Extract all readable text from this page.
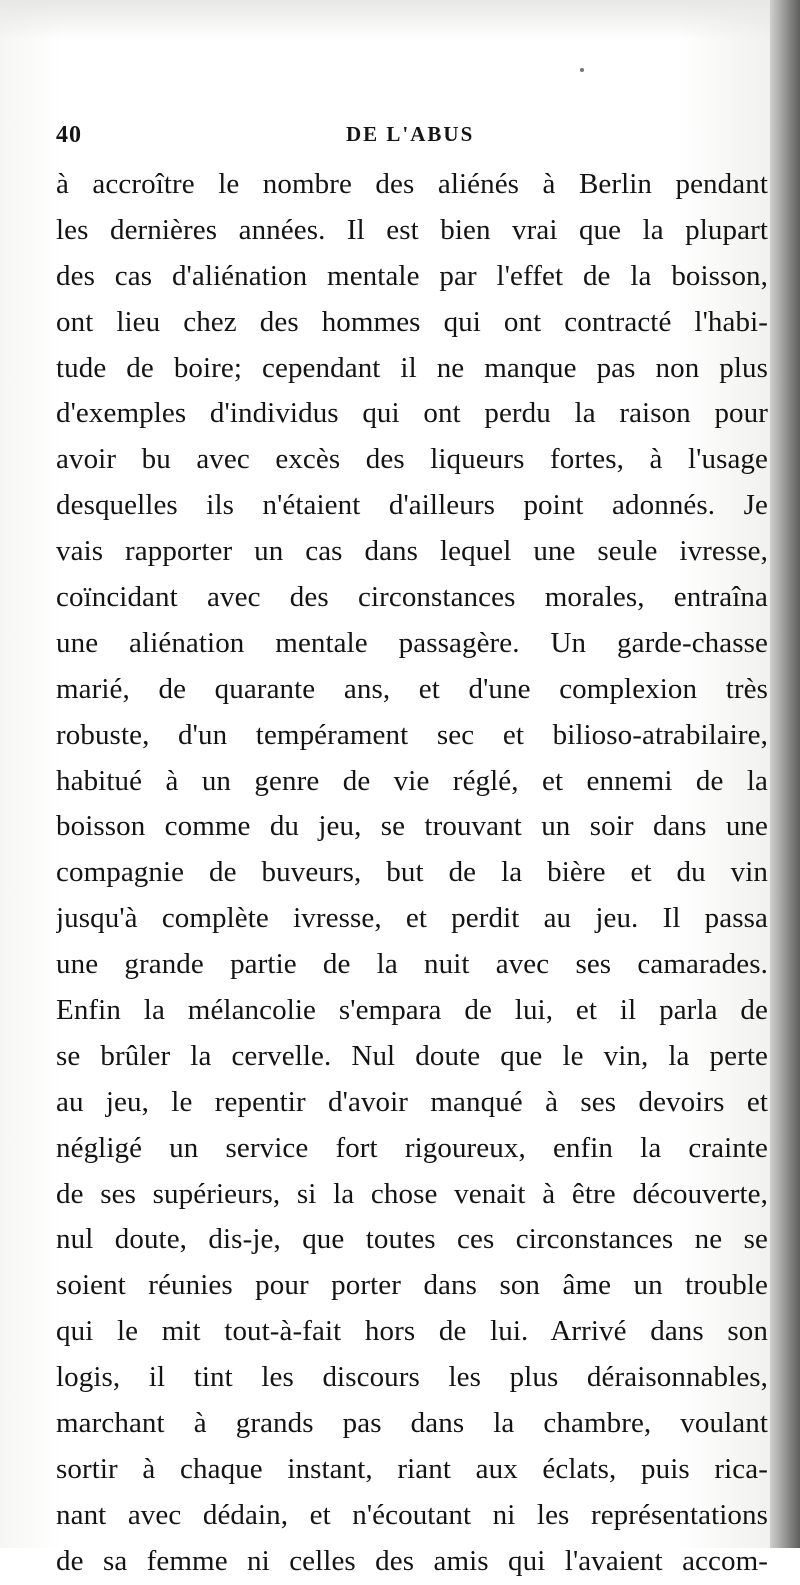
40	DE L'ABUS
à accroître le nombre des aliénés à Berlin pendant
les dernières années. Il est bien vrai que la plupart
des cas d'aliénation mentale par l'effet de la boisson,
ont lieu chez des hommes qui ont contracté l'habi-
tude de boire; cependant il ne manque pas non plus
d'exemples d'individus qui ont perdu la raison pour
avoir bu avec excès des liqueurs fortes, à l'usage
desquelles ils n'étaient d'ailleurs point adonnés. Je
vais rapporter un cas dans lequel une seule ivresse,
coïncidant avec des circonstances morales, entraîna
une aliénation mentale passagère. Un garde-chasse
marié, de quarante ans, et d'une complexion très
robuste, d'un tempérament sec et bilioso-atrabilaire,
habitué à un genre de vie réglé, et ennemi de la
boisson comme du jeu, se trouvant un soir dans une
compagnie de buveurs, but de la bière et du vin
jusqu'à complète ivresse, et perdit au jeu. Il passa
une grande partie de la nuit avec ses camarades.
Enfin la mélancolie s'empara de lui, et il parla de
se brûler la cervelle. Nul doute que le vin, la perte
au jeu, le repentir d'avoir manqué à ses devoirs et
négligé un service fort rigoureux, enfin la crainte
de ses supérieurs, si la chose venait à être découverte,
nul doute, dis-je, que toutes ces circonstances ne se
soient réunies pour porter dans son âme un trouble
qui le mit tout-à-fait hors de lui. Arrivé dans son
logis, il tint les discours les plus déraisonnables,
marchant à grands pas dans la chambre, voulant
sortir à chaque instant, riant aux éclats, puis rica-
nant avec dédain, et n'écoutant ni les représentations
de sa femme ni celles des amis qui l'avaient accom-
